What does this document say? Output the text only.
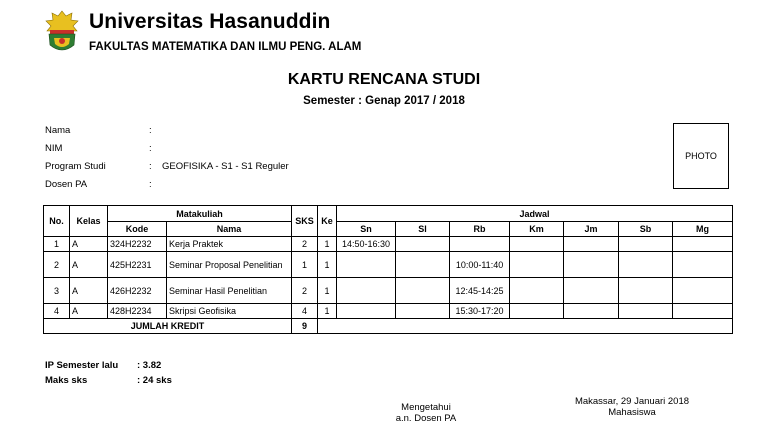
Universitas Hasanuddin
FAKULTAS MATEMATIKA DAN ILMU PENG. ALAM
KARTU RENCANA STUDI
Semester : Genap 2017 / 2018
Nama	:
NIM	:
Program Studi	: GEOFISIKA - S1 - S1 Reguler
Dosen PA	:
PHOTO
No.	Kelas	Matakuliah		SKS	Ke	Jadwal						
		Kode	Nama			Sn	Sl	Rb	Km	Jm	Sb	Mg
1	A	324H2232	Kerja Praktek	2	1	14:50-16:30						
2	A	425H2231	Seminar Proposal Penelitian	1	1			10:00-11:40				
3	A	426H2232	Seminar Hasil Penelitian	2	1			12:45-14:25				
4	A	428H2234	Skripsi Geofisika	4	1			15:30-17:20				
JUMLAH KREDIT				9								
IP Semester lalu : 3.82
Maks sks	: 24 sks
Mengetahui
a.n. Dosen PA
Makassar, 29 Januari 2018
Mahasiswa
